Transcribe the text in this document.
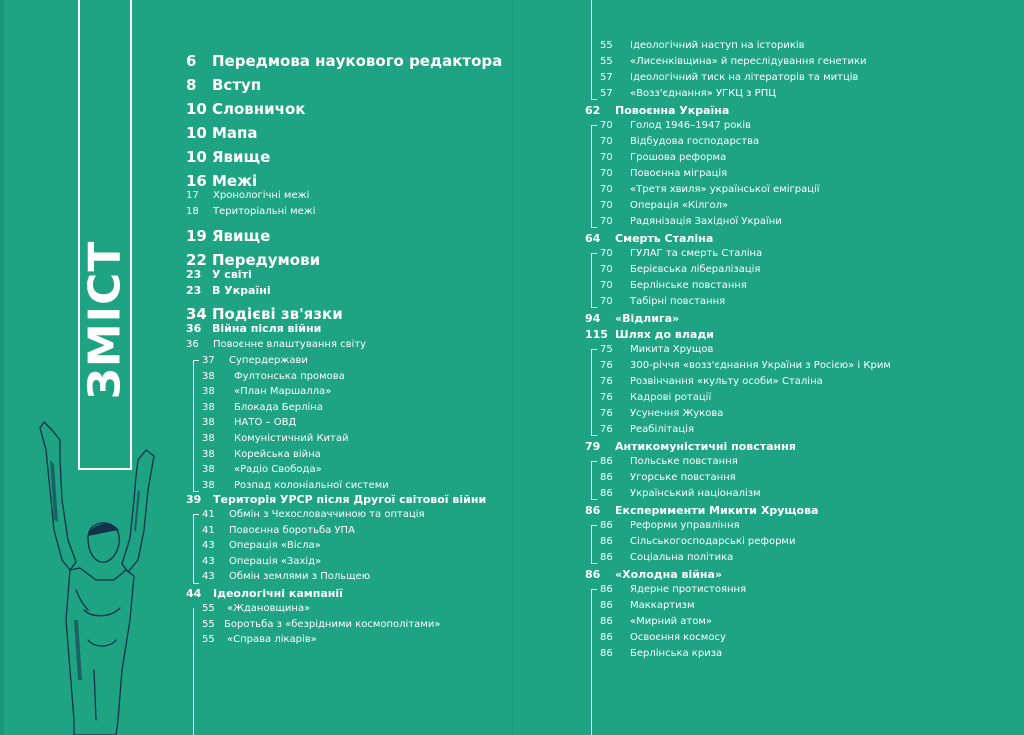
ЗМІСТ
6 Передмова наукового редактора
8 Вступ
10 Словничок
10 Мапа
10 Явище
16 Межі
17 Хронологічні межі
18 Територіальні межі
19 Явище
22 Передумови
23 У світі
23 В Україні
34 Подієві зв'язки
36 Війна після війни
36 Повоєнне влаштування світу
37 Супердержави
38 Фултонська промова
38 «План Маршалла»
38 Блокада Берліна
38 НАТО – ОВД
38 Комуністичний Китай
38 Корейська війна
38 «Радіо Свобода»
38 Розпад колоніальної системи
39 Територія УРСР після Другої світової війни
41 Обмін з Чехословаччиною та оптація
41 Повоєнна боротьба УПА
43 Операція «Вісла»
43 Операція «Захід»
43 Обмін землями з Польщею
44 Ідеологічні кампанії
55 «Ждановщина»
55 Боротьба з «безрідними космополітами»
55 «Справа лікарів»
55 Ідеологічний наступ на істориків
55 «Лисенківщина» й переслідування генетики
57 Ідеологічний тиск на літераторів та митців
57 «Возз'єднання» УГКЦ з РПЦ
62 Повоєнна Україна
70 Голод 1946–1947 років
70 Відбудова господарства
70 Грошова реформа
70 Повоєнна міграція
70 «Третя хвиля» української еміграції
70 Операція «Кілгол»
70 Радянізація Західної України
64 Смерть Сталіна
70 ГУЛАГ та смерть Сталіна
70 Берієвська лібералізація
70 Берлінське повстання
70 Табірні повстання
94 «Відлига»
115 Шлях до влади
75 Микита Хрущов
76 300-річчя «возз'єднання України з Росією» і Крим
76 Розвінчання «культу особи» Сталіна
76 Кадрові ротації
76 Усунення Жукова
76 Реабілітація
79 Антикомуністичні повстання
86 Польське повстання
86 Угорське повстання
86 Український націоналізм
86 Експерименти Микити Хрущова
86 Реформи управління
86 Сільськогосподарські реформи
86 Соціальна політика
86 «Холодна війна»
86 Ядерне протистояння
86 Маккартизм
86 «Мирний атом»
86 Освоєння космосу
86 Берлінська криза
